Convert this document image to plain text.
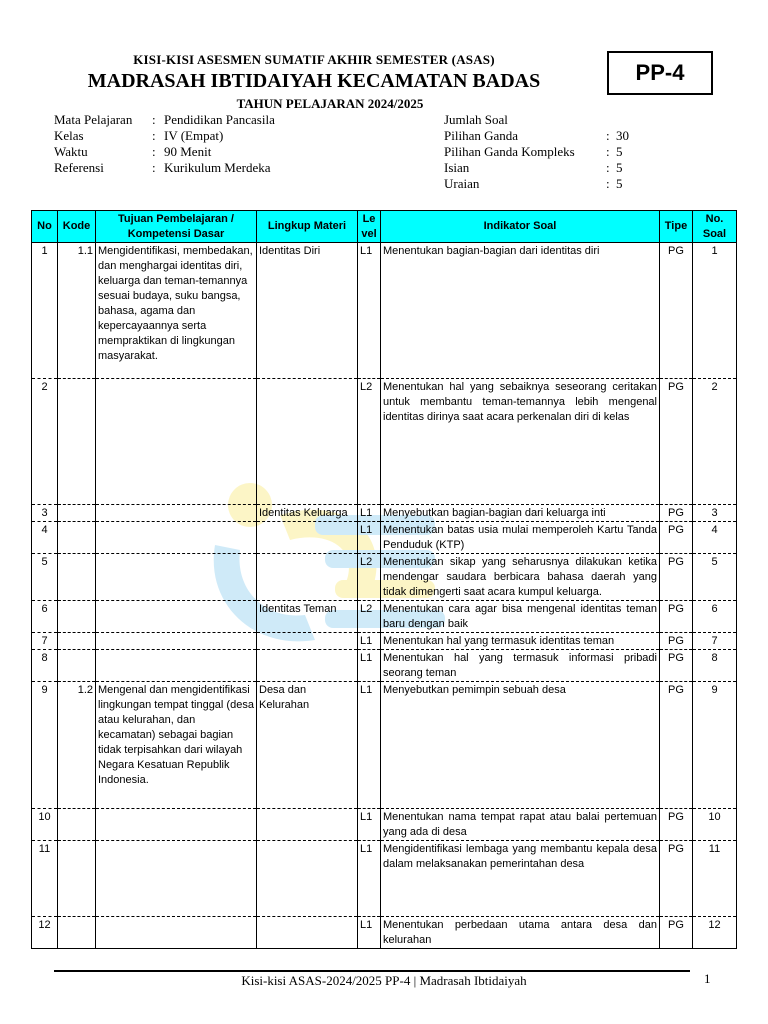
KISI-KISI ASESMEN SUMATIF AKHIR SEMESTER (ASAS)
MADRASAH IBTIDAIYAH KECAMATAN BADAS
TAHUN PELAJARAN 2024/2025
PP-4
Mata Pelajaran	: Pendidikan Pancasila
Kelas	: IV (Empat)
Waktu	: 90 Menit
Referensi	: Kurikulum Merdeka
Jumlah Soal
Pilihan Ganda	: 30
Pilihan Ganda Kompleks	: 5
Isian	: 5
Uraian	: 5
No	Kode	Tujuan Pembelajaran / Kompetensi Dasar	Lingkup Materi	Le vel	Indikator Soal	Tipe	No. Soal
1	1.1	Mengidentifikasi, membedakan, dan menghargai identitas diri, keluarga dan teman-temannya sesuai budaya, suku bangsa, bahasa, agama dan kepercayaannya serta mempraktikan di lingkungan masyarakat.	Identitas Diri	L1	Menentukan bagian-bagian dari identitas diri	PG	1
2				L2	Menentukan hal yang sebaiknya seseorang ceritakan untuk membantu teman-temannya lebih mengenal identitas dirinya saat acara perkenalan diri di kelas	PG	2
3			Identitas Keluarga	L1	Menyebutkan bagian-bagian dari keluarga inti	PG	3
4				L1	Menentukan batas usia mulai memperoleh Kartu Tanda Penduduk (KTP)	PG	4
5				L2	Menentukan sikap yang seharusnya dilakukan ketika mendengar saudara berbicara bahasa daerah yang tidak dimengerti saat acara kumpul keluarga.	PG	5
6			Identitas Teman	L2	Menentukan cara agar bisa mengenal identitas teman baru dengan baik	PG	6
7				L1	Menentukan hal yang termasuk identitas teman	PG	7
8				L1	Menentukan hal yang termasuk informasi pribadi seorang teman	PG	8
9	1.2	Mengenal dan mengidentifikasi lingkungan tempat tinggal (desa atau kelurahan, dan kecamatan) sebagai bagian tidak terpisahkan dari wilayah Negara Kesatuan Republik Indonesia.	Desa dan Kelurahan	L1	Menyebutkan pemimpin sebuah desa	PG	9
10				L1	Menentukan nama tempat rapat atau balai pertemuan yang ada di desa	PG	10
11				L1	Mengidentifikasi lembaga yang membantu kepala desa dalam melaksanakan pemerintahan desa	PG	11
12				L1	Menentukan perbedaan utama antara desa dan kelurahan	PG	12
Kisi-kisi ASAS-2024/2025 PP-4 | Madrasah Ibtidaiyah	1
